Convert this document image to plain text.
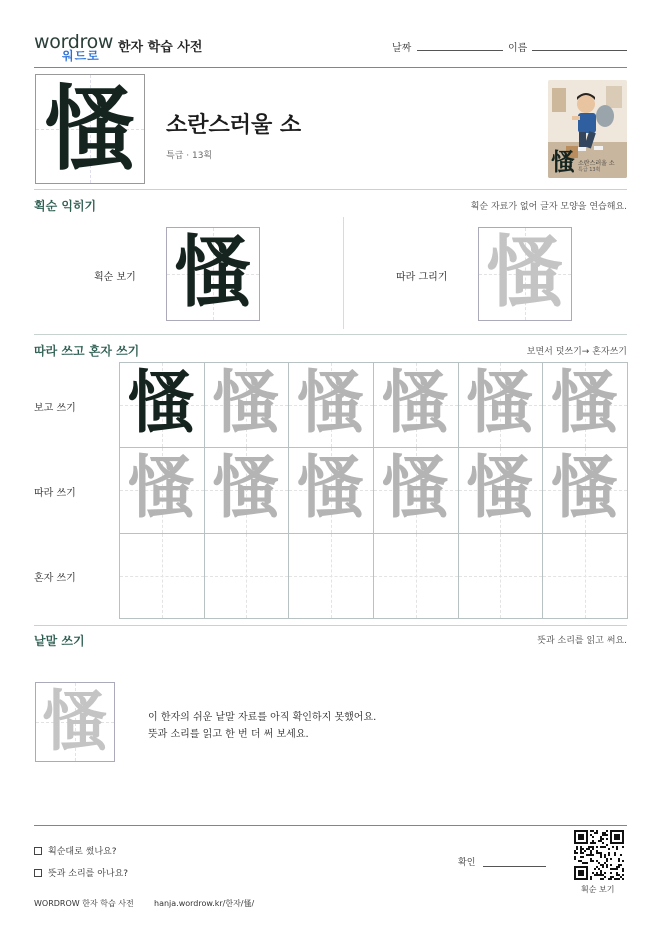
wordrow
워드로
한자 학습 사전	날짜	이름
慅	소란스러울 소
특급 · 13획	慅 소란스러울 소
특급 13획
획순 익히기	획순 자료가 없어 글자 모양을 연습해요.
획순 보기 慅	따라 그리기 慅
따라 쓰고 혼자 쓰기	보면서 덧쓰기→ 혼자쓰기
보고 쓰기
따라 쓰기
혼자 쓰기
慅 慅 慅 慅 慅 慅
慅 慅 慅 慅 慅 慅
낱말 쓰기	뜻과 소리를 읽고 써요.
慅	이 한자의 쉬운 낱말 자료를 아직 확인하지 못했어요.
뜻과 소리를 읽고 한 번 더 써 보세요.
획순대로 썼나요?
뜻과 소리를 아나요?
확인
획순 보기
WORDROW 한자 학습 사전	hanja.wordrow.kr/한자/慅/
